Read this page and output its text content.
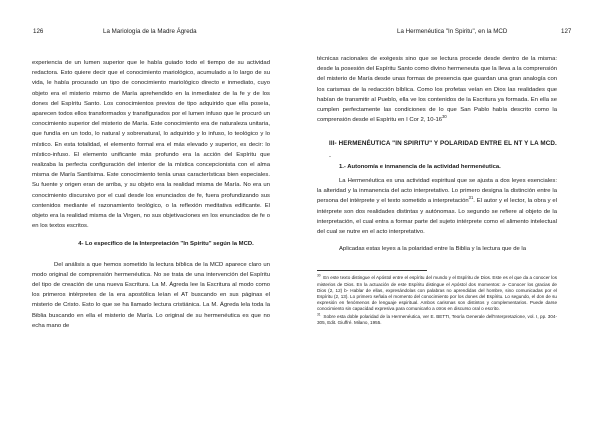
126	La Mariología de la Madre Ágreda

experiencia de un lumen superior que le había guiado todo el tiempo de su actividad redactora. Esto quiere decir que el conocimiento mariológico, acumulado a lo largo de su vida, le había procurado un tipo de conocimiento mariológico directo e inmediato, cuyo objeto era el misterio mismo de María aprehendido en la inmediatez de la fe y de los dones del Espíritu Santo. Los conocimientos previos de tipo adquirido que ella poseía, aparecen todos ellos transformados y transfigurados por el lumen infuso que le procuró un conocimiento superior del misterio de María. Este conocimiento era de naturaleza unitaria, que fundía en un todo, lo natural y sobrenatural, lo adquirido y lo infuso, lo teológico y lo místico. En esta totalidad, el elemento formal era el más elevado y superior, es decir: lo místico-infuso. El elemento unificante más profundo era la acción del Espíritu que realizaba la perfecta configuración del interior de la mística concepcionista con el alma misma de María Santísima. Este conocimiento tenía unas características bien especiales. Su fuente y origen eran de arriba, y su objeto era la realidad misma de María. No era un conocimiento discursivo por el cual desde los enunciados de fe, fuera profundizando sus contenidos mediante el razonamiento teológico, o la reflexión meditativa edificante. El objeto era la realidad misma de la Virgen, no sus objetivaciones en los enunciados de fe o en los textos escritos.

4- Lo específico de la Interpretación "In Spiritu" según la MCD.

Del análisis a que hemos sometido la lectura bíblica de la MCD aparece claro un modo original de comprensión hermenéutica. No se trata de una intervención del Espíritu del tipo de creación de una nueva Escritura. La M. Ágreda lee la Escritura al modo como los primeros intérpretes de la era apostólica leían el AT buscando en sus páginas el misterio de Cristo. Esto lo que se ha llamado lectura cristiánica. La M. Ágreda lela toda la Biblia buscando en ella el misterio de María. Lo original de su hermenéutica es que no echa mano de

La Hermenéutica "In Spiritu", en la MCD	127

técnicas racionales de exégesis sino que se lectura procede desde dentro de la misma: desde la posesión del Espíritu Santo como divino hermeneuta que la lleva a la comprensión del misterio de María desde unas formas de presencia que guardan una gran analogía con los carismas de la redacción bíblica. Como los profetas veían en Dios las realidades que habían de transmitir al Pueblo, ella ve los contenidos de la Escritura ya formada. En ella se cumplen perfectamente las condiciones de lo que San Pablo había descrito como la comprensión desde el Espíritu en I Cor 2, $10-16^{30}$

III- HERMENÉUTICA "IN SPIRITU" Y POLARIDAD ENTRE EL NT Y LA MCD.

-

1.- Autonomía e inmanencia de la actividad hermenéutica.

La Hermenéutica es una actividad espiritual que se ajusta a dos leyes esenciales: la alteridad y la inmanencia del acto interpretativo. Lo primero designa la distinción entre la persona del intérprete y el texto sometido a interpretación$^{31}$. El autor y el lector, la obra y el intérprete son dos realidades distintas y autónomas. Lo segundo se refiere al objeto de la interpretación, el cual entra a formar parte del sujeto intérprete como el alimento intelectual del cual se nutre en el acto interpretativo.

Aplicadas estas leyes a la polaridad entre la Biblia y la lectura que de la

$^{30}$ En este texto distingue el Apóstol entre el espíritu del mundo y el Espíritu de Dios. Este es el que da a conocer los misterios de Dios. En la actuación de este Espíritu distingue el Apóstol dos momentos: a- Conocer los gracias de Dios (2, 12) b- Hablar de ellas, expresándolas con palabras no aprendidas del hombre, sino comunicadas por el Espíritu (2, 13). Lo primero señala el momento del conocimiento por los dones del Espíritu. Lo segundo, el don de su expresión en fenómenos de lenguaje espiritual. Ambos carismas son distintos y complementarios. Puede darse conocimiento sin capacidad expresiva para comunicarlo a otros en discurso oral o escrito.

$^{31}$ Sobre esta doble polaridad de la Hermenéutica, ver E. BETTI, Teoría Generale dell'Interpretazione, vol. I, pp. 304-305, Edit. Giuffré. Milano, 1955.
